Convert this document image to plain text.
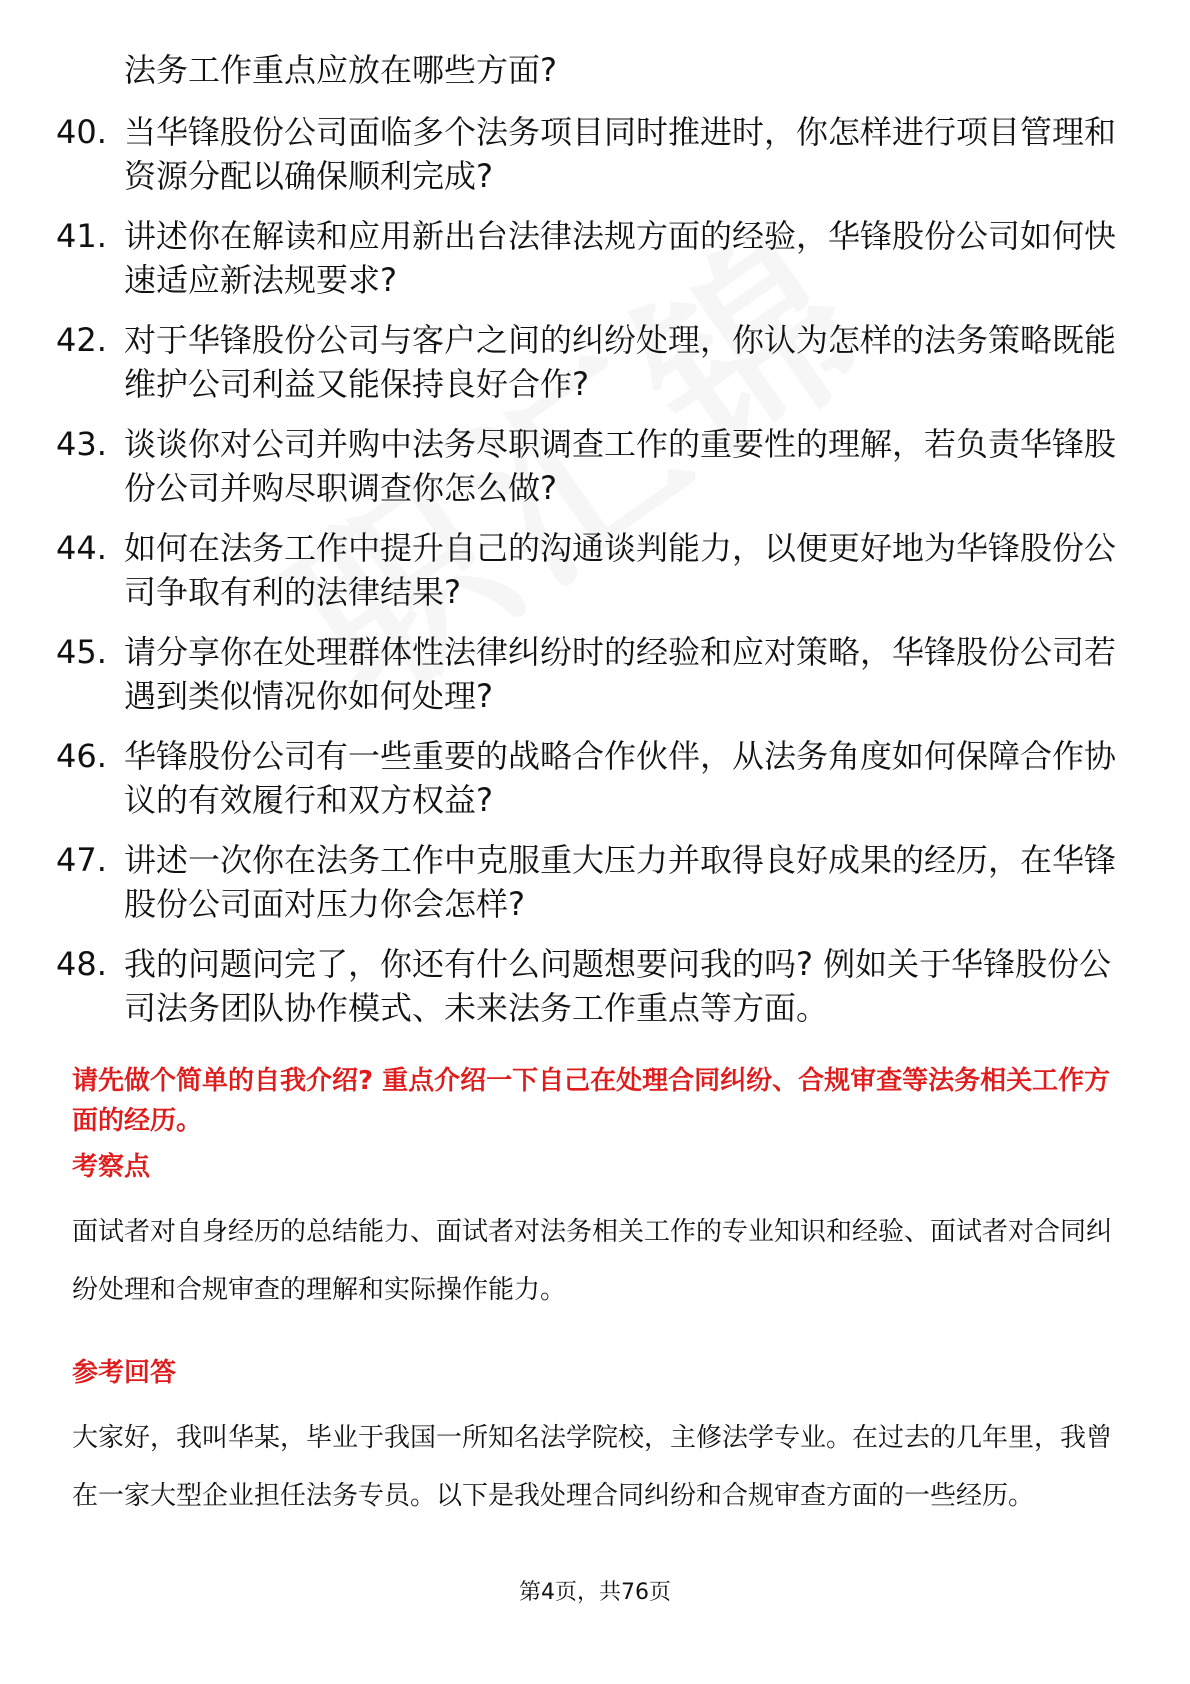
法务工作重点应放在哪些方面?
40. 当华锋股份公司面临多个法务项目同时推进时，你怎样进行项目管理和资源分配以确保顺利完成?
41. 讲述你在解读和应用新出台法律法规方面的经验，华锋股份公司如何快速适应新法规要求?
42. 对于华锋股份公司与客户之间的纠纷处理，你认为怎样的法务策略既能维护公司利益又能保持良好合作?
43. 谈谈你对公司并购中法务尽职调查工作的重要性的理解，若负责华锋股份公司并购尽职调查你怎么做?
44. 如何在法务工作中提升自己的沟通谈判能力，以便更好地为华锋股份公司争取有利的法律结果?
45. 请分享你在处理群体性法律纠纷时的经验和应对策略，华锋股份公司若遇到类似情况你如何处理?
46. 华锋股份公司有一些重要的战略合作伙伴，从法务角度如何保障合作协议的有效履行和双方权益?
47. 讲述一次你在法务工作中克服重大压力并取得良好成果的经历，在华锋股份公司面对压力你会怎样?
48. 我的问题问完了，你还有什么问题想要问我的吗? 例如关于华锋股份公司法务团队协作模式、未来法务工作重点等方面。
请先做个简单的自我介绍? 重点介绍一下自己在处理合同纠纷、合规审查等法务相关工作方面的经历。
考察点
面试者对自身经历的总结能力、面试者对法务相关工作的专业知识和经验、面试者对合同纠纷处理和合规审查的理解和实际操作能力。
参考回答
大家好，我叫华某，毕业于我国一所知名法学院校，主修法学专业。在过去的几年里，我曾在一家大型企业担任法务专员。以下是我处理合同纠纷和合规审查方面的一些经历。
第4页，共76页
